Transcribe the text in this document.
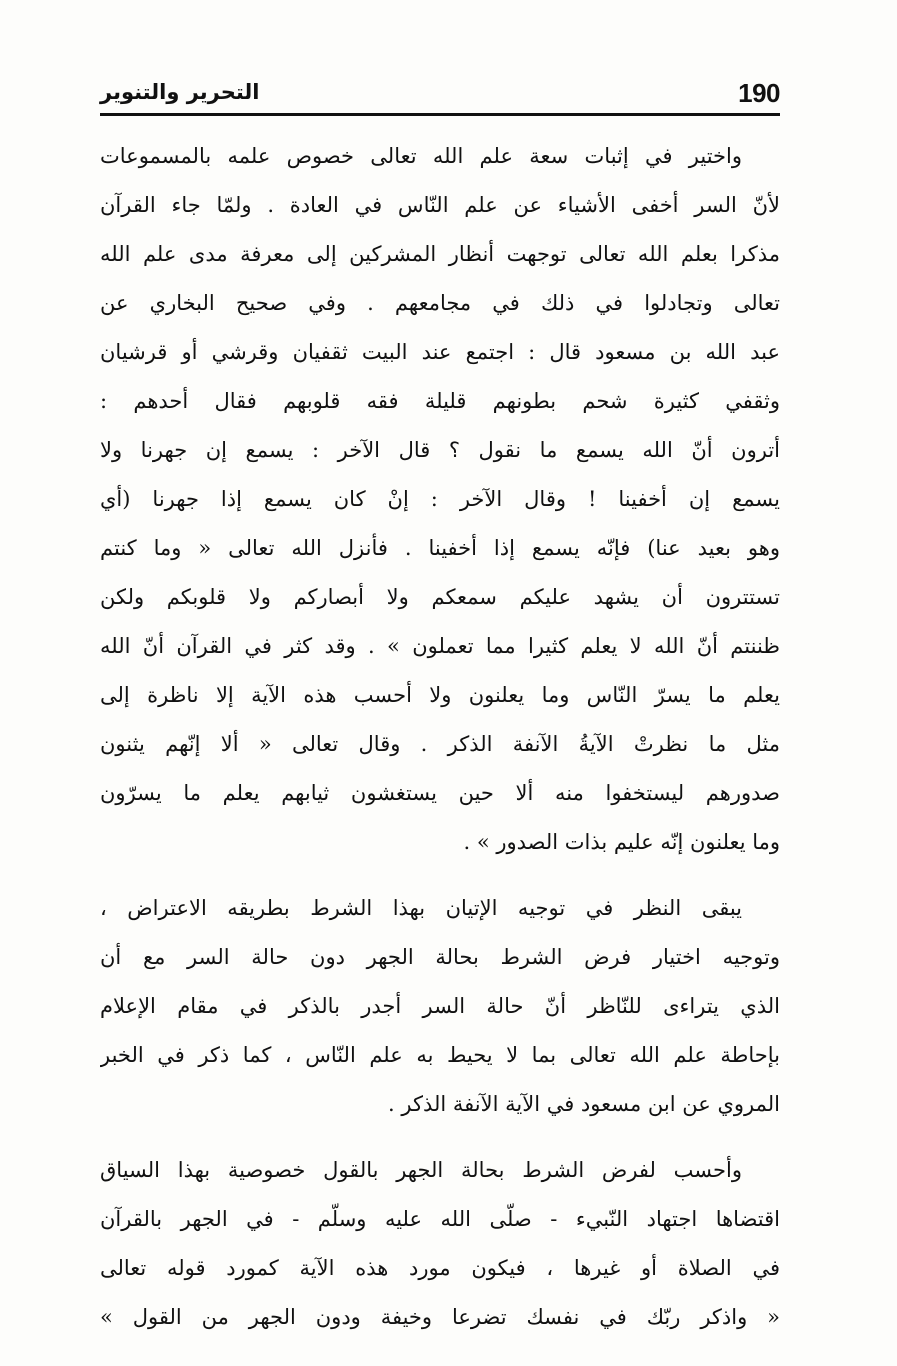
التحرير والتنوير	190
واختير في إثبات سعة علم الله تعالى خصوص علمه بالمسموعات
لأنّ السر أخفى الأشياء عن علم النّاس في العادة . ولمّا جاء القرآن
مذكرا بعلم الله تعالى توجهت أنظار المشركين إلى معرفة مدى علم الله
تعالى وتجادلوا في ذلك في مجامعهم . وفي صحيح البخاري عن
عبد الله بن مسعود قال : اجتمع عند البيت ثقفيان وقرشي أو قرشيان
وثقفي كثيرة شحم بطونهم قليلة فقه قلوبهم فقال أحدهم :
أترون أنّ الله يسمع ما نقول ؟ قال الآخر : يسمع إن جهرنا ولا
يسمع إن أخفينا ! وقال الآخر : إنْ كان يسمع إذا جهرنا (أي
وهو بعيد عنا) فإنّه يسمع إذا أخفينا . فأنزل الله تعالى « وما كنتم
تستترون أن يشهد عليكم سمعكم ولا أبصاركم ولا قلوبكم ولكن
ظننتم أنّ الله لا يعلم كثيرا مما تعملون » . وقد كثر في القرآن أنّ الله
يعلم ما يسرّ النّاس وما يعلنون ولا أحسب هذه الآية إلا ناظرة إلى
مثل ما نظرتْ الآيةُ الآنفة الذكر . وقال تعالى « ألا إنّهم يثنون
صدورهم ليستخفوا منه ألا حين يستغشون ثيابهم يعلم ما يسرّون
وما يعلنون إنّه عليم بذات الصدور » .
يبقى النظر في توجيه الإتيان بهذا الشرط بطريقه الاعتراض ،
وتوجيه اختيار فرض الشرط بحالة الجهر دون حالة السر مع أن
الذي يتراءى للنّاظر أنّ حالة السر أجدر بالذكر في مقام الإعلام
بإحاطة علم الله تعالى بما لا يحيط به علم النّاس ، كما ذكر في الخبر
المروي عن ابن مسعود في الآية الآنفة الذكر .
وأحسب لفرض الشرط بحالة الجهر بالقول خصوصية بهذا السياق
اقتضاها اجتهاد النّبيء - صلّى الله عليه وسلّم - في الجهر بالقرآن
في الصلاة أو غيرها ، فيكون مورد هذه الآية كمورد قوله تعالى
« واذكر ربّك في نفسك تضرعا وخيفة ودون الجهر من القول »
